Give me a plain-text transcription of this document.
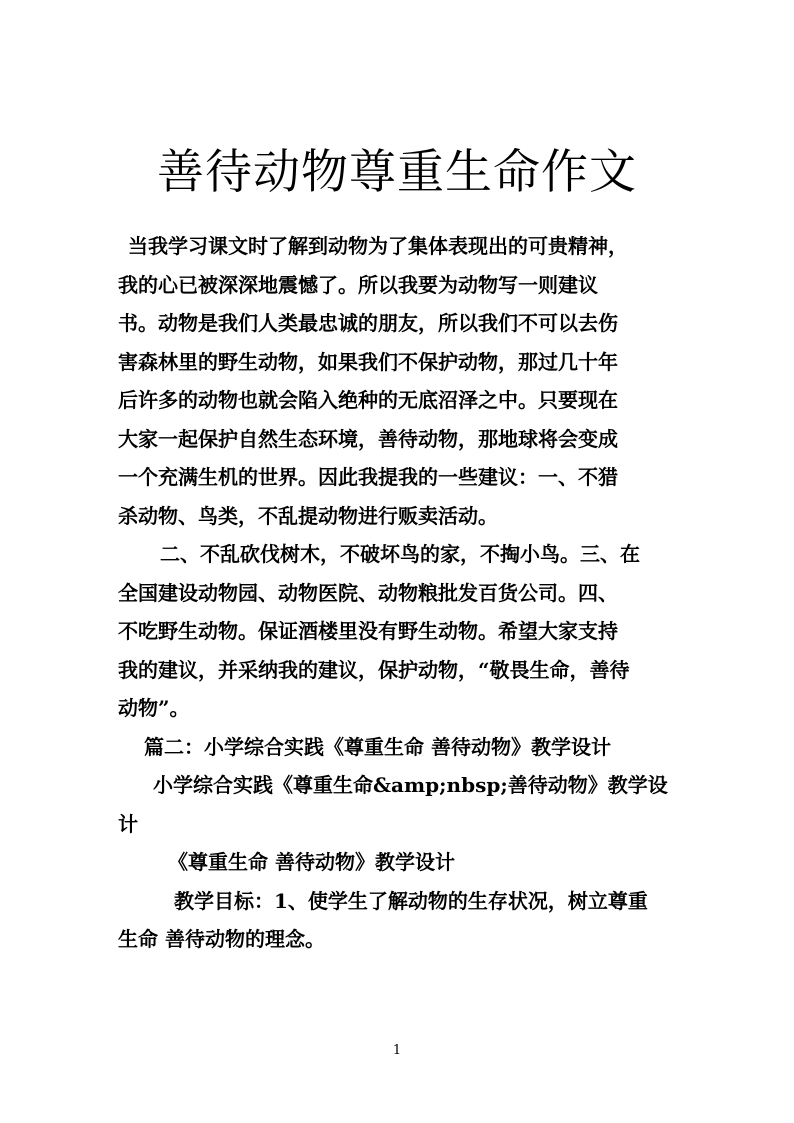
善待动物尊重生命作文

当我学习课文时了解到动物为了集体表现出的可贵精神，

我的心已被深深地震憾了。所以我要为动物写一则建议

书。动物是我们人类最忠诚的朋友，所以我们不可以去伤

害森林里的野生动物，如果我们不保护动物，那过几十年

后许多的动物也就会陷入绝种的无底沼泽之中。只要现在

大家一起保护自然生态环境，善待动物，那地球将会变成

一个充满生机的世界。因此我提我的一些建议：一、不猎

杀动物、鸟类，不乱提动物进行贩卖活动。

二、不乱砍伐树木，不破坏鸟的家，不掏小鸟。三、在

全国建设动物园、动物医院、动物粮批发百货公司。四、

不吃野生动物。保证酒楼里没有野生动物。希望大家支持

我的建议，并采纳我的建议，保护动物，“敬畏生命，善待

动物”。

篇二：小学综合实践《尊重生命 善待动物》教学设计

小学综合实践《尊重生命&amp;nbsp;善待动物》教学设

计

《尊重生命 善待动物》教学设计

教学目标：1、使学生了解动物的生存状况，树立尊重

生命 善待动物的理念。

1
